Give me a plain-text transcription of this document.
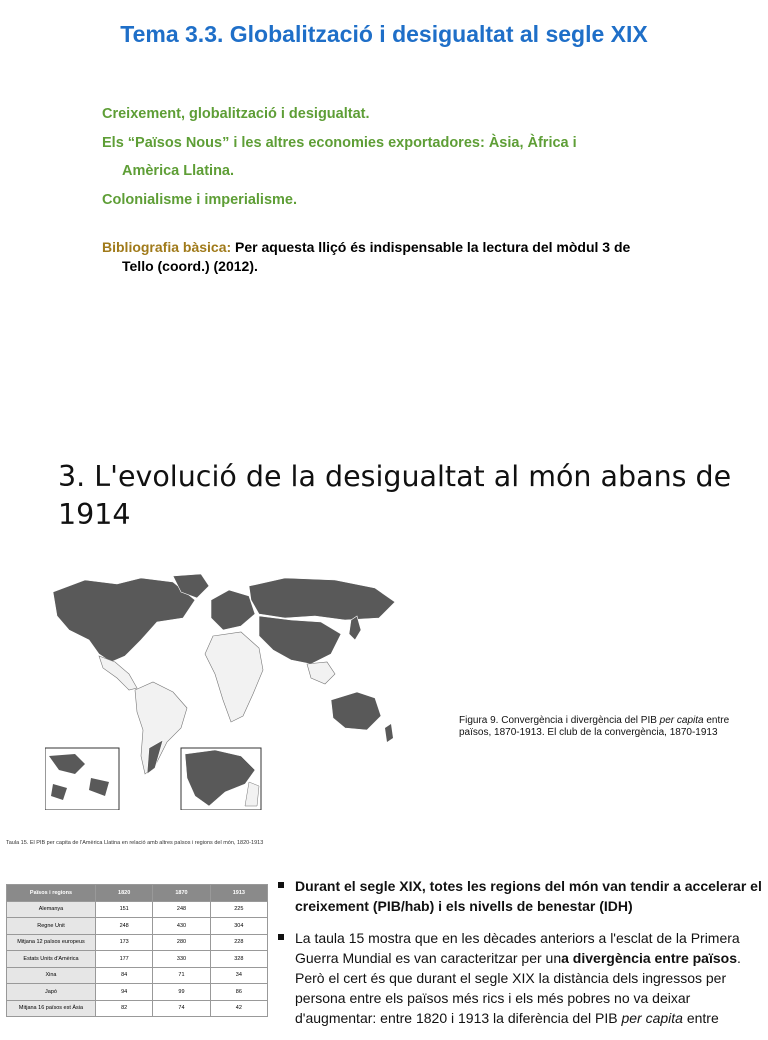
Tema 3.3. Globalització i desigualtat al segle XIX
Creixement, globalització i desigualtat.
Els “Països Nous” i les altres economies exportadores: Àsia, Àfrica i
Amèrica Llatina.
Colonialisme i imperialisme.
Bibliografia bàsica: Per aquesta lliçó és indispensable la lectura del mòdul 3 de
Tello (coord.) (2012).
3. L'evolució de la desigualtat al món abans de 1914
Figura 9. Convergència i divergència del PIB per capita entre països, 1870-1913. El club de la convergència, 1870-1913
Taula 15. El PIB per capita de l'Amèrica Llatina en relació amb altres països i regions del món, 1820-1913
Països i regions	1820	1870	1913
Alemanya	151	248	225
Regne Unit	248	430	304
Mitjana 12 països europeus	173	280	228
Estats Units d'Amèrica	177	330	328
Xina	84	71	34
Japó	94	99	86
Mitjana 16 països est Àsia	82	74	42
Durant el segle XIX, totes les regions del món van tendir a accelerar el creixement (PIB/hab) i els nivells de benestar (IDH)
La taula 15 mostra que en les dècades anteriors a l'esclat de la Primera Guerra Mundial es van caracteritzar per una divergència entre països. Però el cert és que durant el segle XIX la distància dels ingressos per persona entre els països més rics i els més pobres no va deixar d'augmentar: entre 1820 i 1913 la diferència del PIB per capita entre
